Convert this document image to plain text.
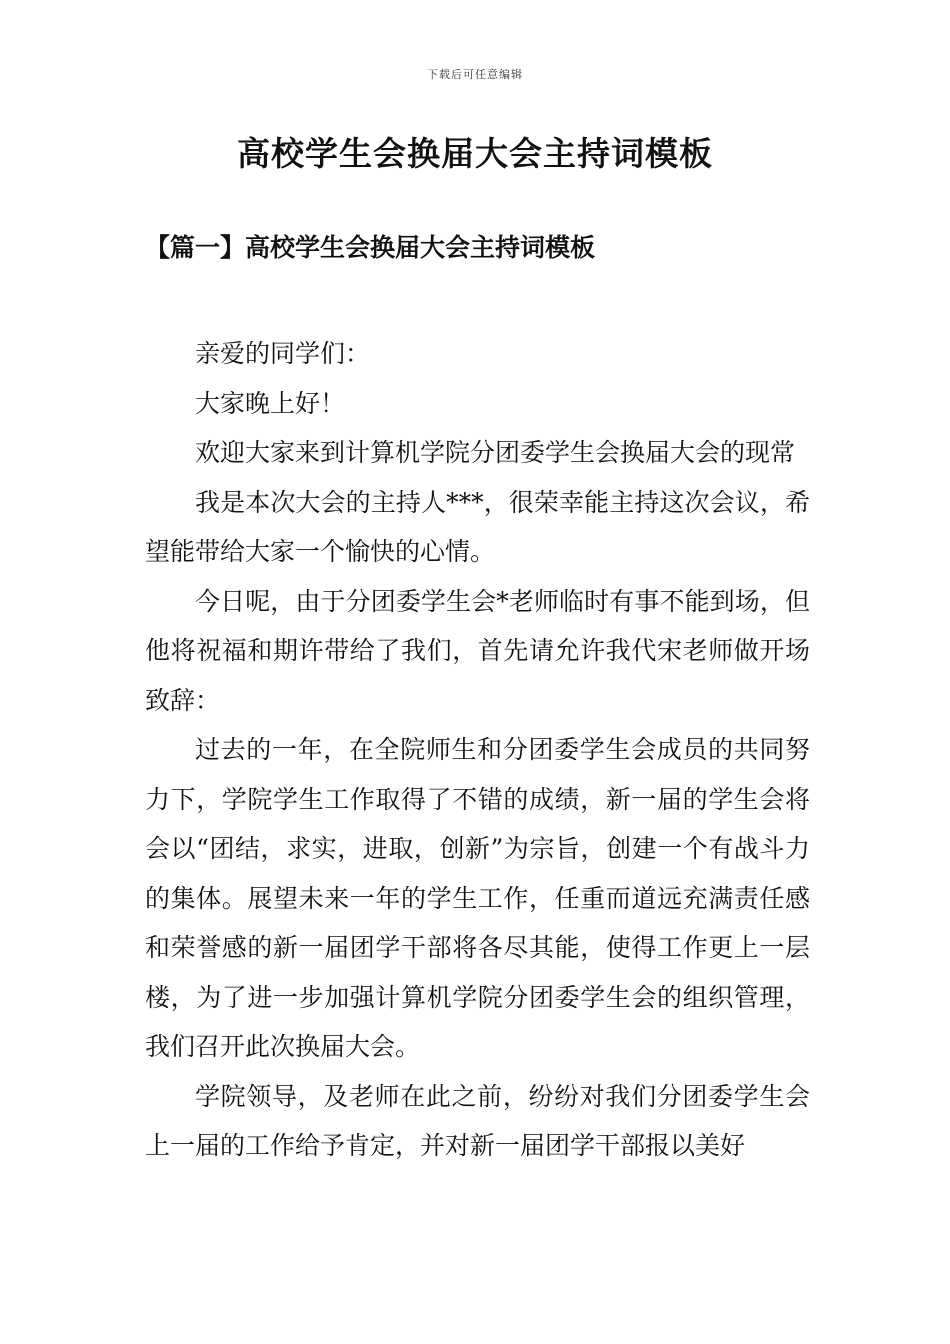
下载后可任意编辑
高校学生会换届大会主持词模板
【篇一】高校学生会换届大会主持词模板

亲爱的同学们：

大家晚上好！

欢迎大家来到计算机学院分团委学生会换届大会的现常

我是本次大会的主持人***，很荣幸能主持这次会议，希望能带给大家一个愉快的心情。

今日呢，由于分团委学生会*老师临时有事不能到场，但他将祝福和期许带给了我们，首先请允许我代宋老师做开场致辞：

过去的一年，在全院师生和分团委学生会成员的共同努力下，学院学生工作取得了不错的成绩，新一届的学生会将会以“团结，求实，进取，创新”为宗旨，创建一个有战斗力的集体。展望未来一年的学生工作，任重而道远充满责任感和荣誉感的新一届团学干部将各尽其能，使得工作更上一层楼，为了进一步加强计算机学院分团委学生会的组织管理，我们召开此次换届大会。

学院领导，及老师在此之前，纷纷对我们分团委学生会上一届的工作给予肯定，并对新一届团学干部报以美好
